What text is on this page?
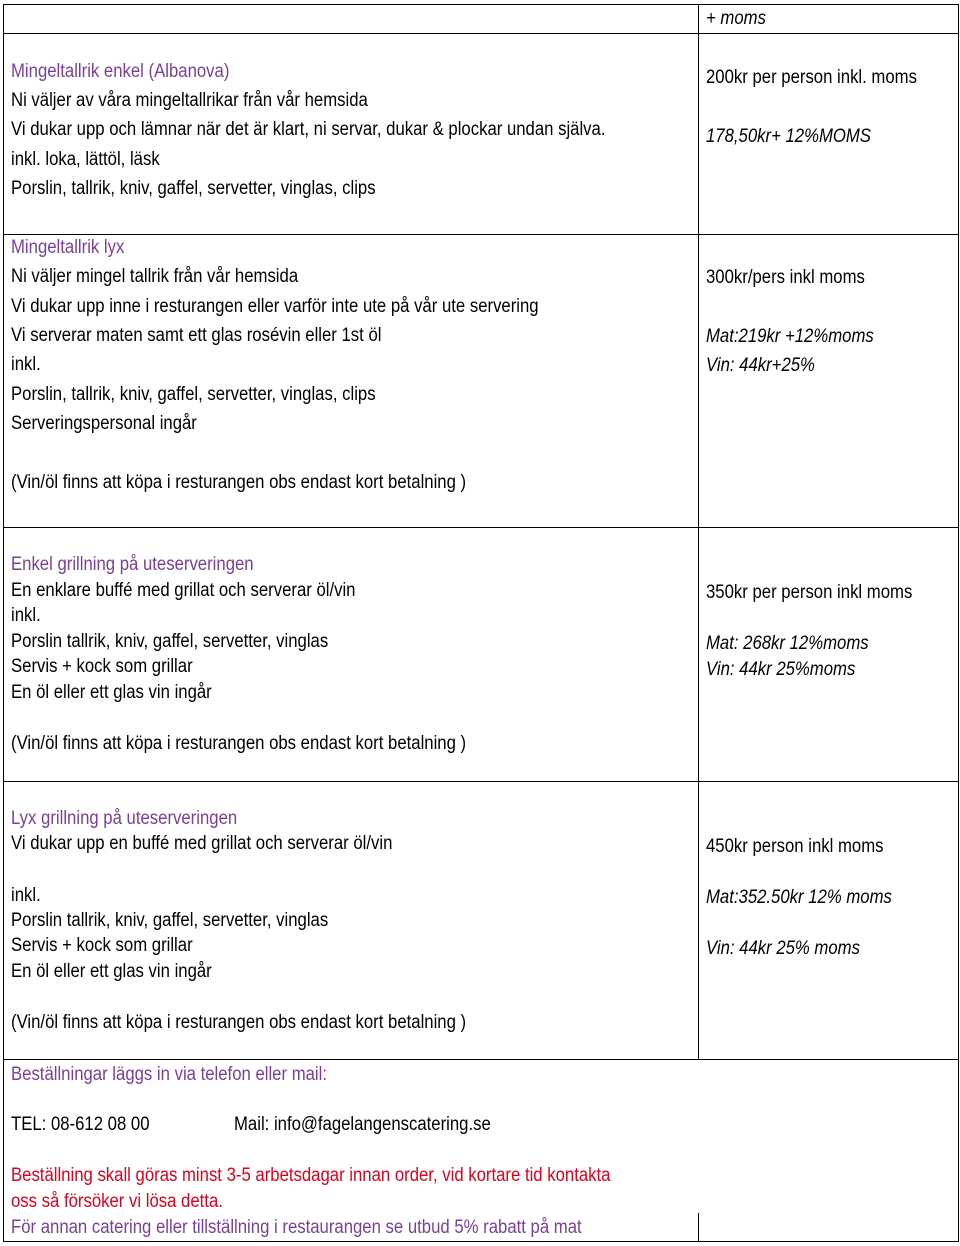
+ moms
Mingeltallrik enkel (Albanova)
Ni väljer av våra mingeltallrikar från vår hemsida
Vi dukar upp och lämnar när det är klart, ni servar, dukar & plockar undan själva.
inkl. loka, lättöl, läsk
Porslin, tallrik, kniv, gaffel, servetter, vinglas, clips
200kr per person inkl. moms
178,50kr+ 12%MOMS
Mingeltallrik lyx
Ni väljer mingel tallrik från vår hemsida
Vi dukar upp inne i resturangen eller varför inte ute på vår ute servering
Vi serverar maten samt ett glas rosévin eller 1st öl
inkl.
Porslin, tallrik, kniv, gaffel, servetter, vinglas, clips
Serveringspersonal ingår
(Vin/öl finns att köpa i resturangen obs endast kort betalning )
300kr/pers inkl moms
Mat:219kr +12%moms
Vin: 44kr+25%
Enkel grillning på uteserveringen
En enklare buffé med grillat och serverar öl/vin
inkl.
Porslin tallrik, kniv, gaffel, servetter, vinglas
Servis + kock som grillar
En öl eller ett glas vin ingår
(Vin/öl finns att köpa i resturangen obs endast kort betalning )
350kr per person inkl moms
Mat: 268kr 12%moms
Vin: 44kr 25%moms
Lyx grillning på uteserveringen
Vi dukar upp en buffé med grillat och serverar öl/vin
inkl.
Porslin tallrik, kniv, gaffel, servetter, vinglas
Servis + kock som grillar
En öl eller ett glas vin ingår
(Vin/öl finns att köpa i resturangen obs endast kort betalning )
450kr person inkl moms
Mat:352.50kr 12% moms
Vin: 44kr 25% moms
Beställningar läggs in via telefon eller mail:
TEL: 08-612 08 00	Mail: info@fagelangenscatering.se
Beställning skall göras minst 3-5 arbetsdagar innan order, vid kortare tid kontakta
oss så försöker vi lösa detta.
För annan catering eller tillställning i restaurangen se utbud 5% rabatt på mat
